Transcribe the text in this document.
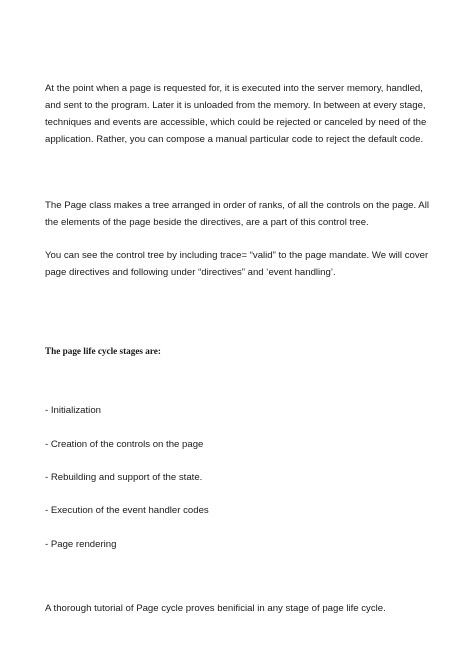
At the point when a page is requested for, it is executed into the server memory, handled,
and sent to the program. Later it is unloaded from the memory. In between at every stage,
techniques and events are accessible, which could be rejected or canceled by need of the
application. Rather, you can compose a manual particular code to reject the default code.
The Page class makes a tree arranged in order of ranks, of all the controls on the page. All
the elements of the page beside the directives, are a part of this control tree.
You can see the control tree by including trace= “valid” to the page mandate. We will cover
page directives and following under “directives” and ‘event handling’.
The page life cycle stages are:
- Initialization
- Creation of the controls on the page
- Rebuilding and support of the state.
- Execution of the event handler codes
- Page rendering
A thorough tutorial of Page cycle proves benificial in any stage of page life cycle.
